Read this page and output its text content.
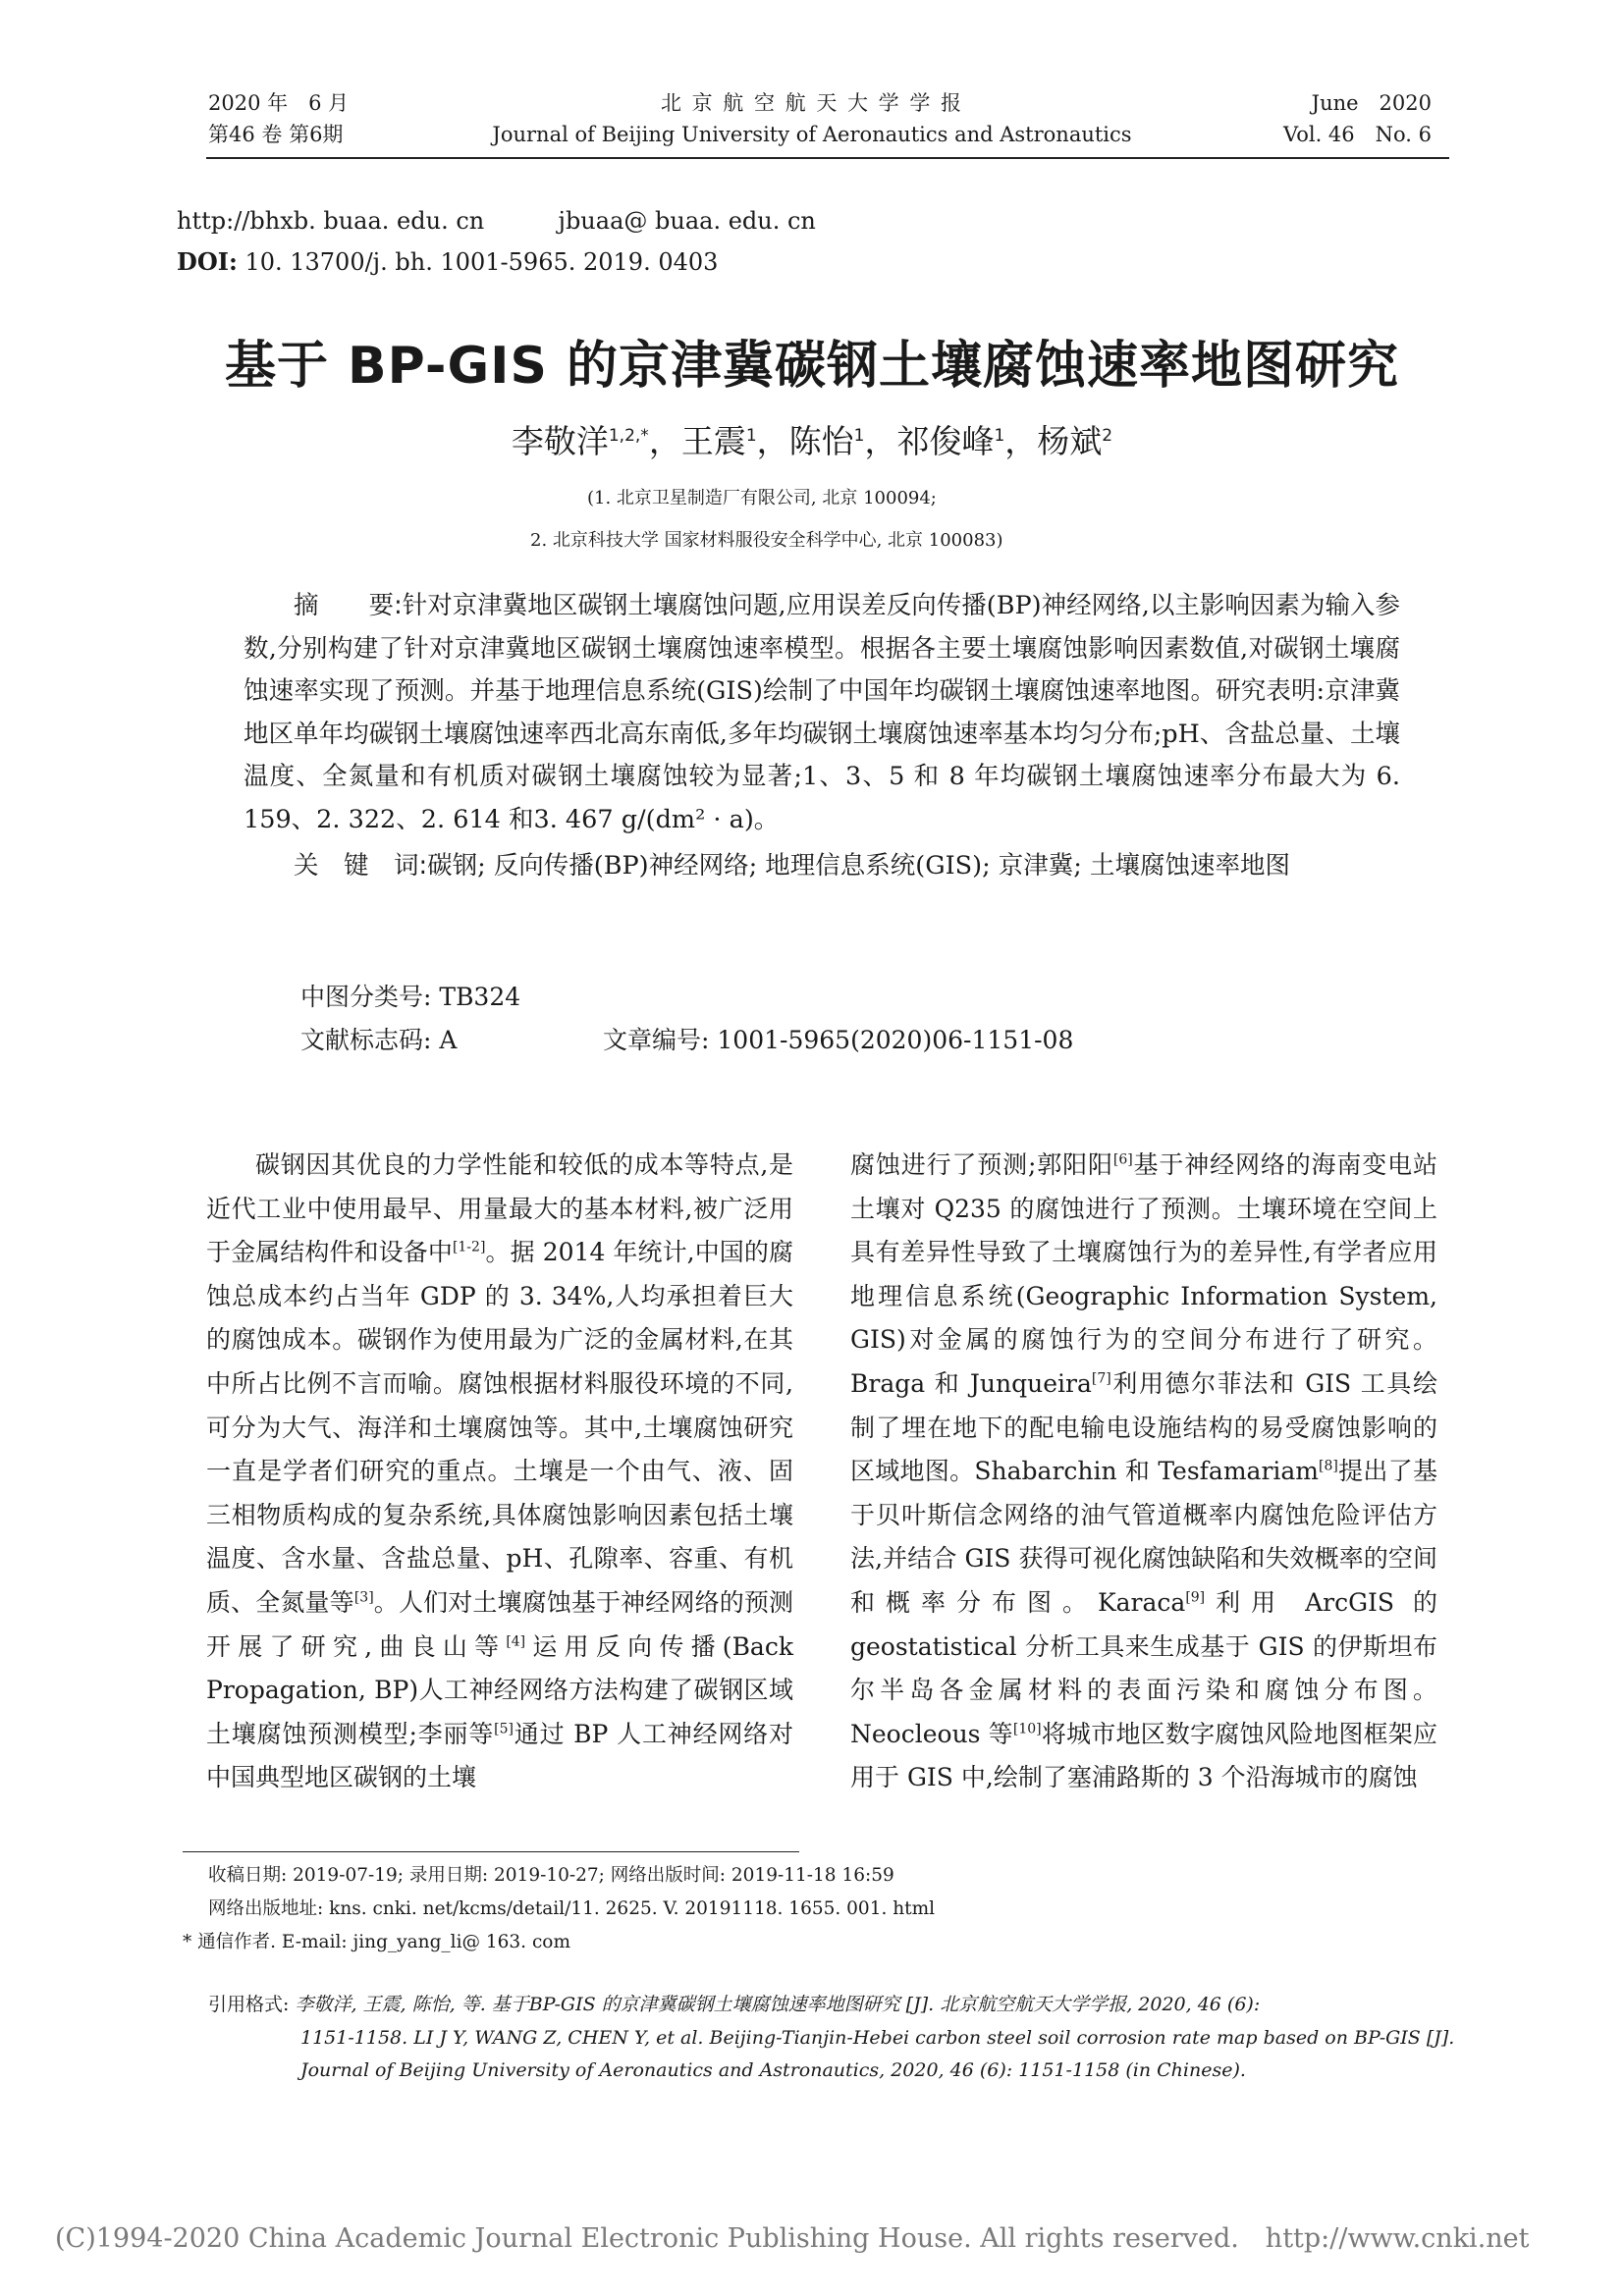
2020 年　6 月
第46 卷 第6期
北 京 航 空 航 天 大 学 学 报
Journal of Beijing University of Aeronautics and Astronautics
June　2020
Vol. 46　No. 6
http://bhxb. buaa. edu. cn	jbuaa@ buaa. edu. cn
DOI: 10. 13700/j. bh. 1001-5965. 2019. 0403
基于 BP-GIS 的京津冀碳钢土壤腐蚀速率地图研究
李敬洋$^{1,2,*}$，王震$^1$，陈怡$^1$，祁俊峰$^1$，杨斌$^2$
(1. 北京卫星制造厂有限公司, 北京 100094;
2. 北京科技大学 国家材料服役安全科学中心, 北京 100083)

摘　　要:针对京津冀地区碳钢土壤腐蚀问题,应用误差反向传播(BP)神经网络,以主影响因素为输入参数,分别构建了针对京津冀地区碳钢土壤腐蚀速率模型。根据各主要土壤腐蚀影响因素数值,对碳钢土壤腐蚀速率实现了预测。并基于地理信息系统(GIS)绘制了中国年均碳钢土壤腐蚀速率地图。研究表明:京津冀地区单年均碳钢土壤腐蚀速率西北高东南低,多年均碳钢土壤腐蚀速率基本均匀分布;pH、含盐总量、土壤温度、全氮量和有机质对碳钢土壤腐蚀较为显著;1、3、5 和 8 年均碳钢土壤腐蚀速率分布最大为 6. 159、2. 322、2. 614 和3. 467 g/(dm² · a)。

关　键　词:碳钢; 反向传播(BP)神经网络; 地理信息系统(GIS); 京津冀; 土壤腐蚀速率地图

中图分类号: TB324
文献标志码: A	文章编号: 1001-5965(2020)06-1151-08

碳钢因其优良的力学性能和较低的成本等特点,是近代工业中使用最早、用量最大的基本材料,被广泛用于金属结构件和设备中[1-2]。据 2014 年统计,中国的腐蚀总成本约占当年 GDP 的 3. 34%,人均承担着巨大的腐蚀成本。碳钢作为使用最为广泛的金属材料,在其中所占比例不言而喻。腐蚀根据材料服役环境的不同,可分为大气、海洋和土壤腐蚀等。其中,土壤腐蚀研究一直是学者们研究的重点。土壤是一个由气、液、固三相物质构成的复杂系统,具体腐蚀影响因素包括土壤温度、含水量、含盐总量、pH、孔隙率、容重、有机质、全氮量等[3]。人们对土壤腐蚀基于神经网络的预测开展了研究,曲良山等[4]运用反向传播(Back Propagation, BP)人工神经网络方法构建了碳钢区域土壤腐蚀预测模型;李丽等[5]通过 BP 人工神经网络对中国典型地区碳钢的土壤

腐蚀进行了预测;郭阳阳[6]基于神经网络的海南变电站土壤对 Q235 的腐蚀进行了预测。土壤环境在空间上具有差异性导致了土壤腐蚀行为的差异性,有学者应用地理信息系统(Geographic Information System, GIS)对金属的腐蚀行为的空间分布进行了研究。Braga 和 Junqueira[7]利用德尔菲法和 GIS 工具绘制了埋在地下的配电输电设施结构的易受腐蚀影响的区域地图。Shabarchin 和 Tesfamariam[8]提出了基于贝叶斯信念网络的油气管道概率内腐蚀危险评估方法,并结合 GIS 获得可视化腐蚀缺陷和失效概率的空间和概率分布图。Karaca[9]利用 ArcGIS 的 geostatistical 分析工具来生成基于 GIS 的伊斯坦布尔半岛各金属材料的表面污染和腐蚀分布图。Neocleous 等[10]将城市地区数字腐蚀风险地图框架应用于 GIS 中,绘制了塞浦路斯的 3 个沿海城市的腐蚀

收稿日期: 2019-07-19; 录用日期: 2019-10-27; 网络出版时间: 2019-11-18 16:59
网络出版地址: kns. cnki. net/kcms/detail/11. 2625. V. 20191118. 1655. 001. html
* 通信作者. E-mail: jing_yang_li@ 163. com
引用格式: 李敬洋, 王震, 陈怡, 等. 基于BP-GIS 的京津冀碳钢土壤腐蚀速率地图研究 [J]. 北京航空航天大学学报, 2020, 46 (6):
1151-1158. LI J Y, WANG Z, CHEN Y, et al. Beijing-Tianjin-Hebei carbon steel soil corrosion rate map based on BP-GIS [J].
Journal of Beijing University of Aeronautics and Astronautics, 2020, 46 (6): 1151-1158 (in Chinese).
(C)1994-2020 China Academic Journal Electronic Publishing House. All rights reserved.　http://www.cnki.net
